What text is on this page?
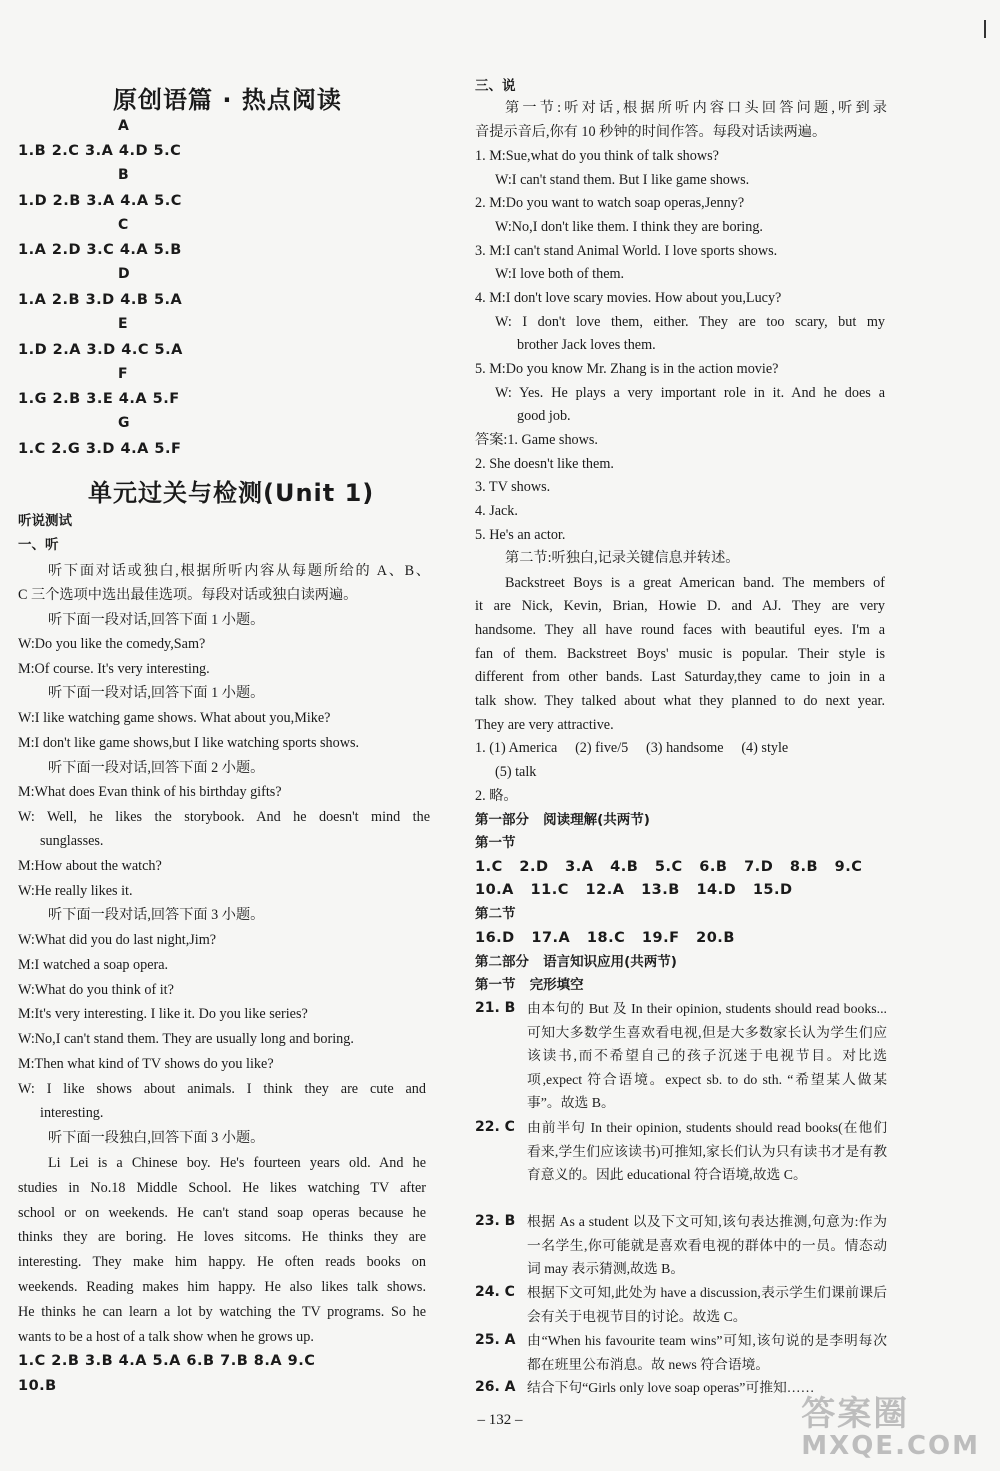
原创语篇 · 热点阅读
A
1.B 2.C 3.A 4.D 5.C
B
1.D 2.B 3.A 4.A 5.C
C
1.A 2.D 3.C 4.A 5.B
D
1.A 2.B 3.D 4.B 5.A
E
1.D 2.A 3.D 4.C 5.A
F
1.G 2.B 3.E 4.A 5.F
G
1.C 2.G 3.D 4.A 5.F
单元过关与检测(Unit 1)
听说测试
一、听
听下面对话或独白,根据所听内容从每题所给的 A、B、
C 三个选项中选出最佳选项。每段对话或独白读两遍。
听下面一段对话,回答下面 1 小题。
W:Do you like the comedy,Sam?
M:Of course. It's very interesting.
听下面一段对话,回答下面 1 小题。
W:I like watching game shows. What about you,Mike?
M:I don't like game shows,but I like watching sports shows.
听下面一段对话,回答下面 2 小题。
M:What does Evan think of his birthday gifts?
W: Well, he likes the storybook. And he doesn't mind the
sunglasses.
M:How about the watch?
W:He really likes it.
听下面一段对话,回答下面 3 小题。
W:What did you do last night,Jim?
M:I watched a soap opera.
W:What do you think of it?
M:It's very interesting. I like it. Do you like series?
W:No,I can't stand them. They are usually long and boring.
M:Then what kind of TV shows do you like?
W: I like shows about animals. I think they are cute and
interesting.
听下面一段独白,回答下面 3 小题。
Li Lei is a Chinese boy. He's fourteen years old. And he
studies in No.18 Middle School. He likes watching TV after
school or on weekends. He can't stand soap operas because he
thinks they are boring. He loves sitcoms. He thinks they are
interesting. They make him happy. He often reads books on
weekends. Reading makes him happy. He also likes talk shows.
He thinks he can learn a lot by watching the TV programs. So he
wants to be a host of a talk show when he grows up.
1.C 2.B 3.B 4.A 5.A 6.B 7.B 8.A 9.C
10.B
三、说
第一节:听对话,根据所听内容口头回答问题,听到录
音提示音后,你有 10 秒钟的时间作答。每段对话读两遍。
1. M:Sue,what do you think of talk shows?
W:I can't stand them. But I like game shows.
2. M:Do you want to watch soap operas,Jenny?
W:No,I don't like them. I think they are boring.
3. M:I can't stand Animal World. I love sports shows.
W:I love both of them.
4. M:I don't love scary movies. How about you,Lucy?
W: I don't love them, either. They are too scary, but my
brother Jack loves them.
5. M:Do you know Mr. Zhang is in the action movie?
W: Yes. He plays a very important role in it. And he does a
good job.
答案:1. Game shows.
2. She doesn't like them.
3. TV shows.
4. Jack.
5. He's an actor.
第二节:听独白,记录关键信息并转述。
Backstreet Boys is a great American band. The members of
it are Nick, Kevin, Brian, Howie D. and AJ. They are very
handsome. They all have round faces with beautiful eyes. I'm a
fan of them. Backstreet Boys' music is popular. Their style is
different from other bands. Last Saturday,they came to join in a
talk show. They talked about what they planned to do next year.
They are very attractive.
1. (1) America     (2) five/5     (3) handsome     (4) style
(5) talk
2. 略。
第一部分   阅读理解(共两节)
第一节
1.C   2.D   3.A   4.B   5.C   6.B   7.D   8.B   9.C
10.A   11.C   12.A   13.B   14.D   15.D
第二节
16.D   17.A   18.C   19.F   20.B
第二部分   语言知识应用(共两节)
第一节   完形填空
21. B 由本句的 But 及 In their opinion, students should read books... 可知大多数学生喜欢看电视,但是大多数家长认为学生们应该读书,而不希望自己的孩子沉迷于电视节目。对比选项,expect 符合语境。expect sb. to do sth. “希望某人做某事”。故选 B。
22. C 由前半句 In their opinion, students should read books(在他们看来,学生们应该读书)可推知,家长们认为只有读书才是有教育意义的。因此 educational 符合语境,故选 C。
23. B 根据 As a student 以及下文可知,该句表达推测,句意为:作为一名学生,你可能就是喜欢看电视的群体中的一员。情态动词 may 表示猜测,故选 B。
24. C 根据下文可知,此处为 have a discussion,表示学生们课前课后会有关于电视节目的讨论。故选 C。
25. A 由“When his favourite team wins”可知,该句说的是李明每次都在班里公布消息。故 news 符合语境。
26. A 结合下句“Girls only love soap operas”可推知……
– 132 –	答案圈
MXQE.COM
